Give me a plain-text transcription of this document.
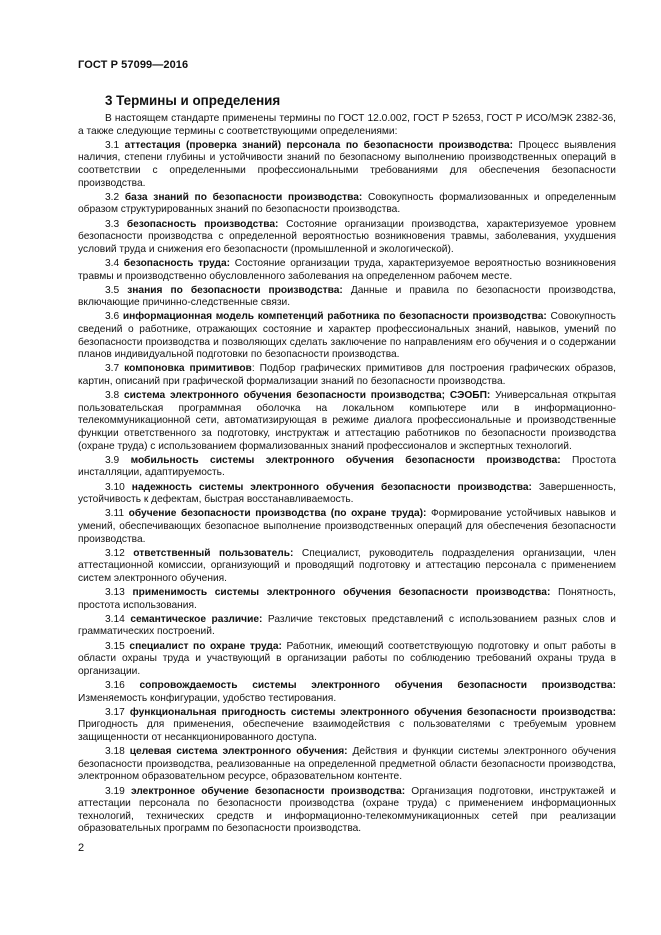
ГОСТ Р 57099—2016
3 Термины и определения

В настоящем стандарте применены термины по ГОСТ 12.0.002, ГОСТ Р 52653, ГОСТ Р ИСО/МЭК 2382-36, а также следующие термины с соответствующими определениями:

3.1 аттестация (проверка знаний) персонала по безопасности производства: Процесс выявления наличия, степени глубины и устойчивости знаний по безопасному выполнению производственных операций в соответствии с определенными профессиональными требованиями для обеспечения безопасности производства.

3.2 база знаний по безопасности производства: Совокупность формализованных и определенным образом структурированных знаний по безопасности производства.

3.3 безопасность производства: Состояние организации производства, характеризуемое уровнем безопасности производства с определенной вероятностью возникновения травмы, заболевания, ухудшения условий труда и снижения его безопасности (промышленной и экологической).

3.4 безопасность труда: Состояние организации труда, характеризуемое вероятностью возникновения травмы и производственно обусловленного заболевания на определенном рабочем месте.

3.5 знания по безопасности производства: Данные и правила по безопасности производства, включающие причинно-следственные связи.

3.6 информационная модель компетенций работника по безопасности производства: Совокупность сведений о работнике, отражающих состояние и характер профессиональных знаний, навыков, умений по безопасности производства и позволяющих сделать заключение по направлениям его обучения и о содержании планов индивидуальной подготовки по безопасности производства.

3.7 компоновка примитивов: Подбор графических примитивов для построения графических образов, картин, описаний при графической формализации знаний по безопасности производства.

3.8 система электронного обучения безопасности производства; СЭОБП: Универсальная открытая пользовательская программная оболочка на локальном компьютере или в информационно-телекоммуникационной сети, автоматизирующая в режиме диалога профессиональные и производственные функции ответственного за подготовку, инструктаж и аттестацию работников по безопасности производства (охране труда) с использованием формализованных знаний профессионалов и экспертных технологий.

3.9 мобильность системы электронного обучения безопасности производства: Простота инсталляции, адаптируемость.

3.10 надежность системы электронного обучения безопасности производства: Завершенность, устойчивость к дефектам, быстрая восстанавливаемость.

3.11 обучение безопасности производства (по охране труда): Формирование устойчивых навыков и умений, обеспечивающих безопасное выполнение производственных операций для обеспечения безопасности производства.

3.12 ответственный пользователь: Специалист, руководитель подразделения организации, член аттестационной комиссии, организующий и проводящий подготовку и аттестацию персонала с применением систем электронного обучения.

3.13 применимость системы электронного обучения безопасности производства: Понятность, простота использования.

3.14 семантическое различие: Различие текстовых представлений с использованием разных слов и грамматических построений.

3.15 специалист по охране труда: Работник, имеющий соответствующую подготовку и опыт работы в области охраны труда и участвующий в организации работы по соблюдению требований охраны труда в организации.

3.16 сопровождаемость системы электронного обучения безопасности производства: Изменяемость конфигурации, удобство тестирования.

3.17 функциональная пригодность системы электронного обучения безопасности производства: Пригодность для применения, обеспечение взаимодействия с пользователями с требуемым уровнем защищенности от несанкционированного доступа.

3.18 целевая система электронного обучения: Действия и функции системы электронного обучения безопасности производства, реализованные на определенной предметной области безопасности производства, электронном образовательном ресурсе, образовательном контенте.

3.19 электронное обучение безопасности производства: Организация подготовки, инструктажей и аттестации персонала по безопасности производства (охране труда) с применением информационных технологий, технических средств и информационно-телекоммуникационных сетей при реализации образовательных программ по безопасности производства.

2
